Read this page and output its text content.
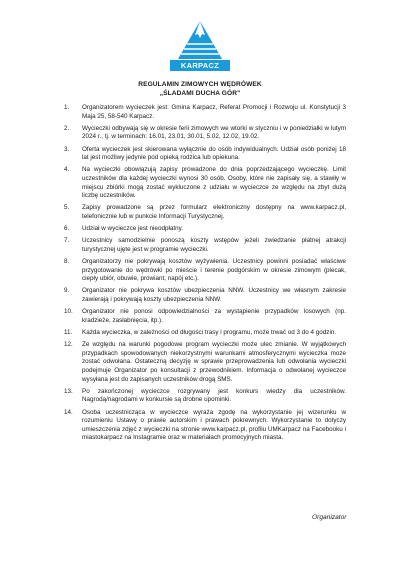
KARPACZ
REGULAMIN ZIMOWYCH WĘDRÓWEK
„ŚLADAMI DUCHA GÓR"
1. Organizatorem wycieczek jest: Gmina Karpacz, Referat Promocji i Rozwoju ul. Konstytucji 3 Maja 25, 58-540 Karpacz.
2. Wycieczki odbywają się w okresie ferii zimowych we wtorki w styczniu i w poniedziałki w lutym 2024 r., tj. w terminach: 16.01, 23.01, 30.01, 5.02, 12.02, 19.02.
3. Oferta wycieczek jest skierowana wyłącznie do osób indywidualnych. Udział osób poniżej 18 lat jest możliwy jedynie pod opieką rodzica lub opiekuna.
4. Na wycieczki obowiązują zapisy prowadzone do dnia poprzedzającego wycieczkę. Limit uczestników dla każdej wycieczki wynosi 30 osób. Osoby, które nie zapisały się, a stawiły w miejscu zbiórki mogą zostać wykluczone z udziału w wycieczce ze względu na zbyt dużą liczbę uczestników.
5. Zapisy prowadzone są przez formularz elektroniczny dostępny na www.karpacz.pl, telefonicznie lub w punkcie Informacji Turystycznej.
6. Udział w wycieczce jest nieodpłatny.
7. Uczestnicy samodzielnie ponoszą koszty wstępów jeżeli zwiedzanie płatnej atrakcji turystycznej ujęte jest w programie wycieczki.
8. Organizatorzy nie pokrywają kosztów wyżywienia. Uczestnicy powinni posiadać właściwe przygotowanie do wędrówki po mieście i terenie podgórskim w okresie zimowym (plecak, ciepły ubiór, obuwie, prowiant, napój etc.).
9. Organizator nie pokrywa kosztów ubezpieczenia NNW. Uczestnicy we własnym zakresie zawierają i pokrywają koszty ubezpieczenia NNW.
10. Organizator nie ponosi odpowiedzialności za wystąpienie przypadków losowych (np. kradzieże, zasłabnięcia, itp.).
11. Każda wycieczka, w zależności od długości trasy i programu, może trwać od 3 do 4 godzin.
12. Ze względu na warunki pogodowe program wycieczki może ulec zmianie. W wyjątkowych przypadkach spowodowanych niekorzystnymi warunkami atmosferycznymi wycieczka może zostać odwołana. Ostateczną decyzję w sprawie przeprowadzenia lub odwołania wycieczki podejmuje Organizator po konsultacji z przewodnikiem. Informacja o odwołanej wycieczce wysyłana jest do zapisanych uczestników drogą SMS.
13. Po zakończonej wycieczce rozgrywany jest konkurs wiedzy dla uczestników. Nagrodą/nagrodami w konkursie są drobne upominki.
14. Osoba uczestnicząca w wycieczce wyraża zgodę na wykorzystanie jej wizerunku w rozumieniu Ustawy o prawie autorskim i prawach pokrewnych. Wykorzystanie to dotyczy umieszczenia zdjęć z wycieczki na stronie www.karpacz.pl, profilu UMKarpacz na Facebooku i miastokarpacz na Instagramie oraz w materiałach promocyjnych miasta.
Organizator
